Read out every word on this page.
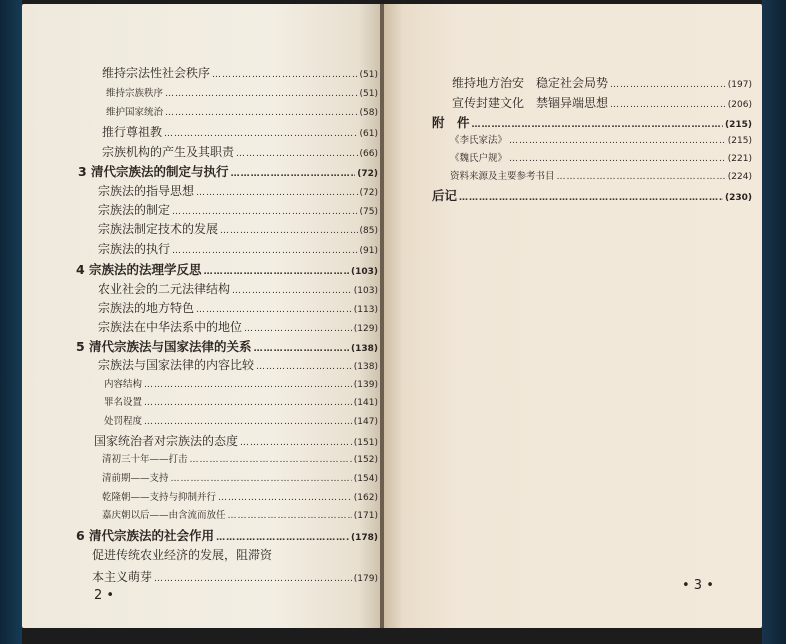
维持宗法性社会秩序 ……………………………………………………………………………………………………………………………………	(51)
维持宗族秩序 ……………………………………………………………………………………………………………………………………	(51)
维护国家统治 ……………………………………………………………………………………………………………………………………	(58)
推行尊祖教 ……………………………………………………………………………………………………………………………………	(61)
宗族机构的产生及其职责 ……………………………………………………………………………………………………………………………………	(66)
3 清代宗族法的制定与执行 ……………………………………………………………………………………………………………………………………	(72)
宗族法的指导思想 ……………………………………………………………………………………………………………………………………	(72)
宗族法的制定 ……………………………………………………………………………………………………………………………………	(75)
宗族法制定技术的发展 ……………………………………………………………………………………………………………………………………	(85)
宗族法的执行 ……………………………………………………………………………………………………………………………………	(91)
4 宗族法的法理学反思 ……………………………………………………………………………………………………………………………………	(103)
农业社会的二元法律结构 ……………………………………………………………………………………………………………………………………	(103)
宗族法的地方特色 ……………………………………………………………………………………………………………………………………	(113)
宗族法在中华法系中的地位 ……………………………………………………………………………………………………………………………………	(129)
5 清代宗族法与国家法律的关系 ……………………………………………………………………………………………………………………………………	(138)
宗族法与国家法律的内容比较 ……………………………………………………………………………………………………………………………………	(138)
内容结构 ……………………………………………………………………………………………………………………………………	(139)
罪名设置 ……………………………………………………………………………………………………………………………………	(141)
处罚程度 ……………………………………………………………………………………………………………………………………	(147)
国家统治者对宗族法的态度 ……………………………………………………………………………………………………………………………………	(151)
清初三十年——打击 ……………………………………………………………………………………………………………………………………	(152)
清前期——支持 ……………………………………………………………………………………………………………………………………	(154)
乾隆朝——支持与抑制并行 ……………………………………………………………………………………………………………………………………	(162)
嘉庆朝以后——由含流而放任 ……………………………………………………………………………………………………………………………………	(171)
6 清代宗族法的社会作用 ……………………………………………………………………………………………………………………………………	(178)
促进传统农业经济的发展，阻滞资
本主义萌芽 ……………………………………………………………………………………………………………………………………	(179)
2 •
维持地方治安　稳定社会局势 ……………………………………………………………………………………………………………………………………	(197)
宣传封建文化　禁锢异端思想 ……………………………………………………………………………………………………………………………………	(206)
附　件 ……………………………………………………………………………………………………………………………………	(215)
《李氏家法》 ……………………………………………………………………………………………………………………………………	(215)
《魏氏户规》 ……………………………………………………………………………………………………………………………………	(221)
资料来源及主要参考书目 ……………………………………………………………………………………………………………………………………	(224)
后记 ……………………………………………………………………………………………………………………………………	(230)
• 3 •
